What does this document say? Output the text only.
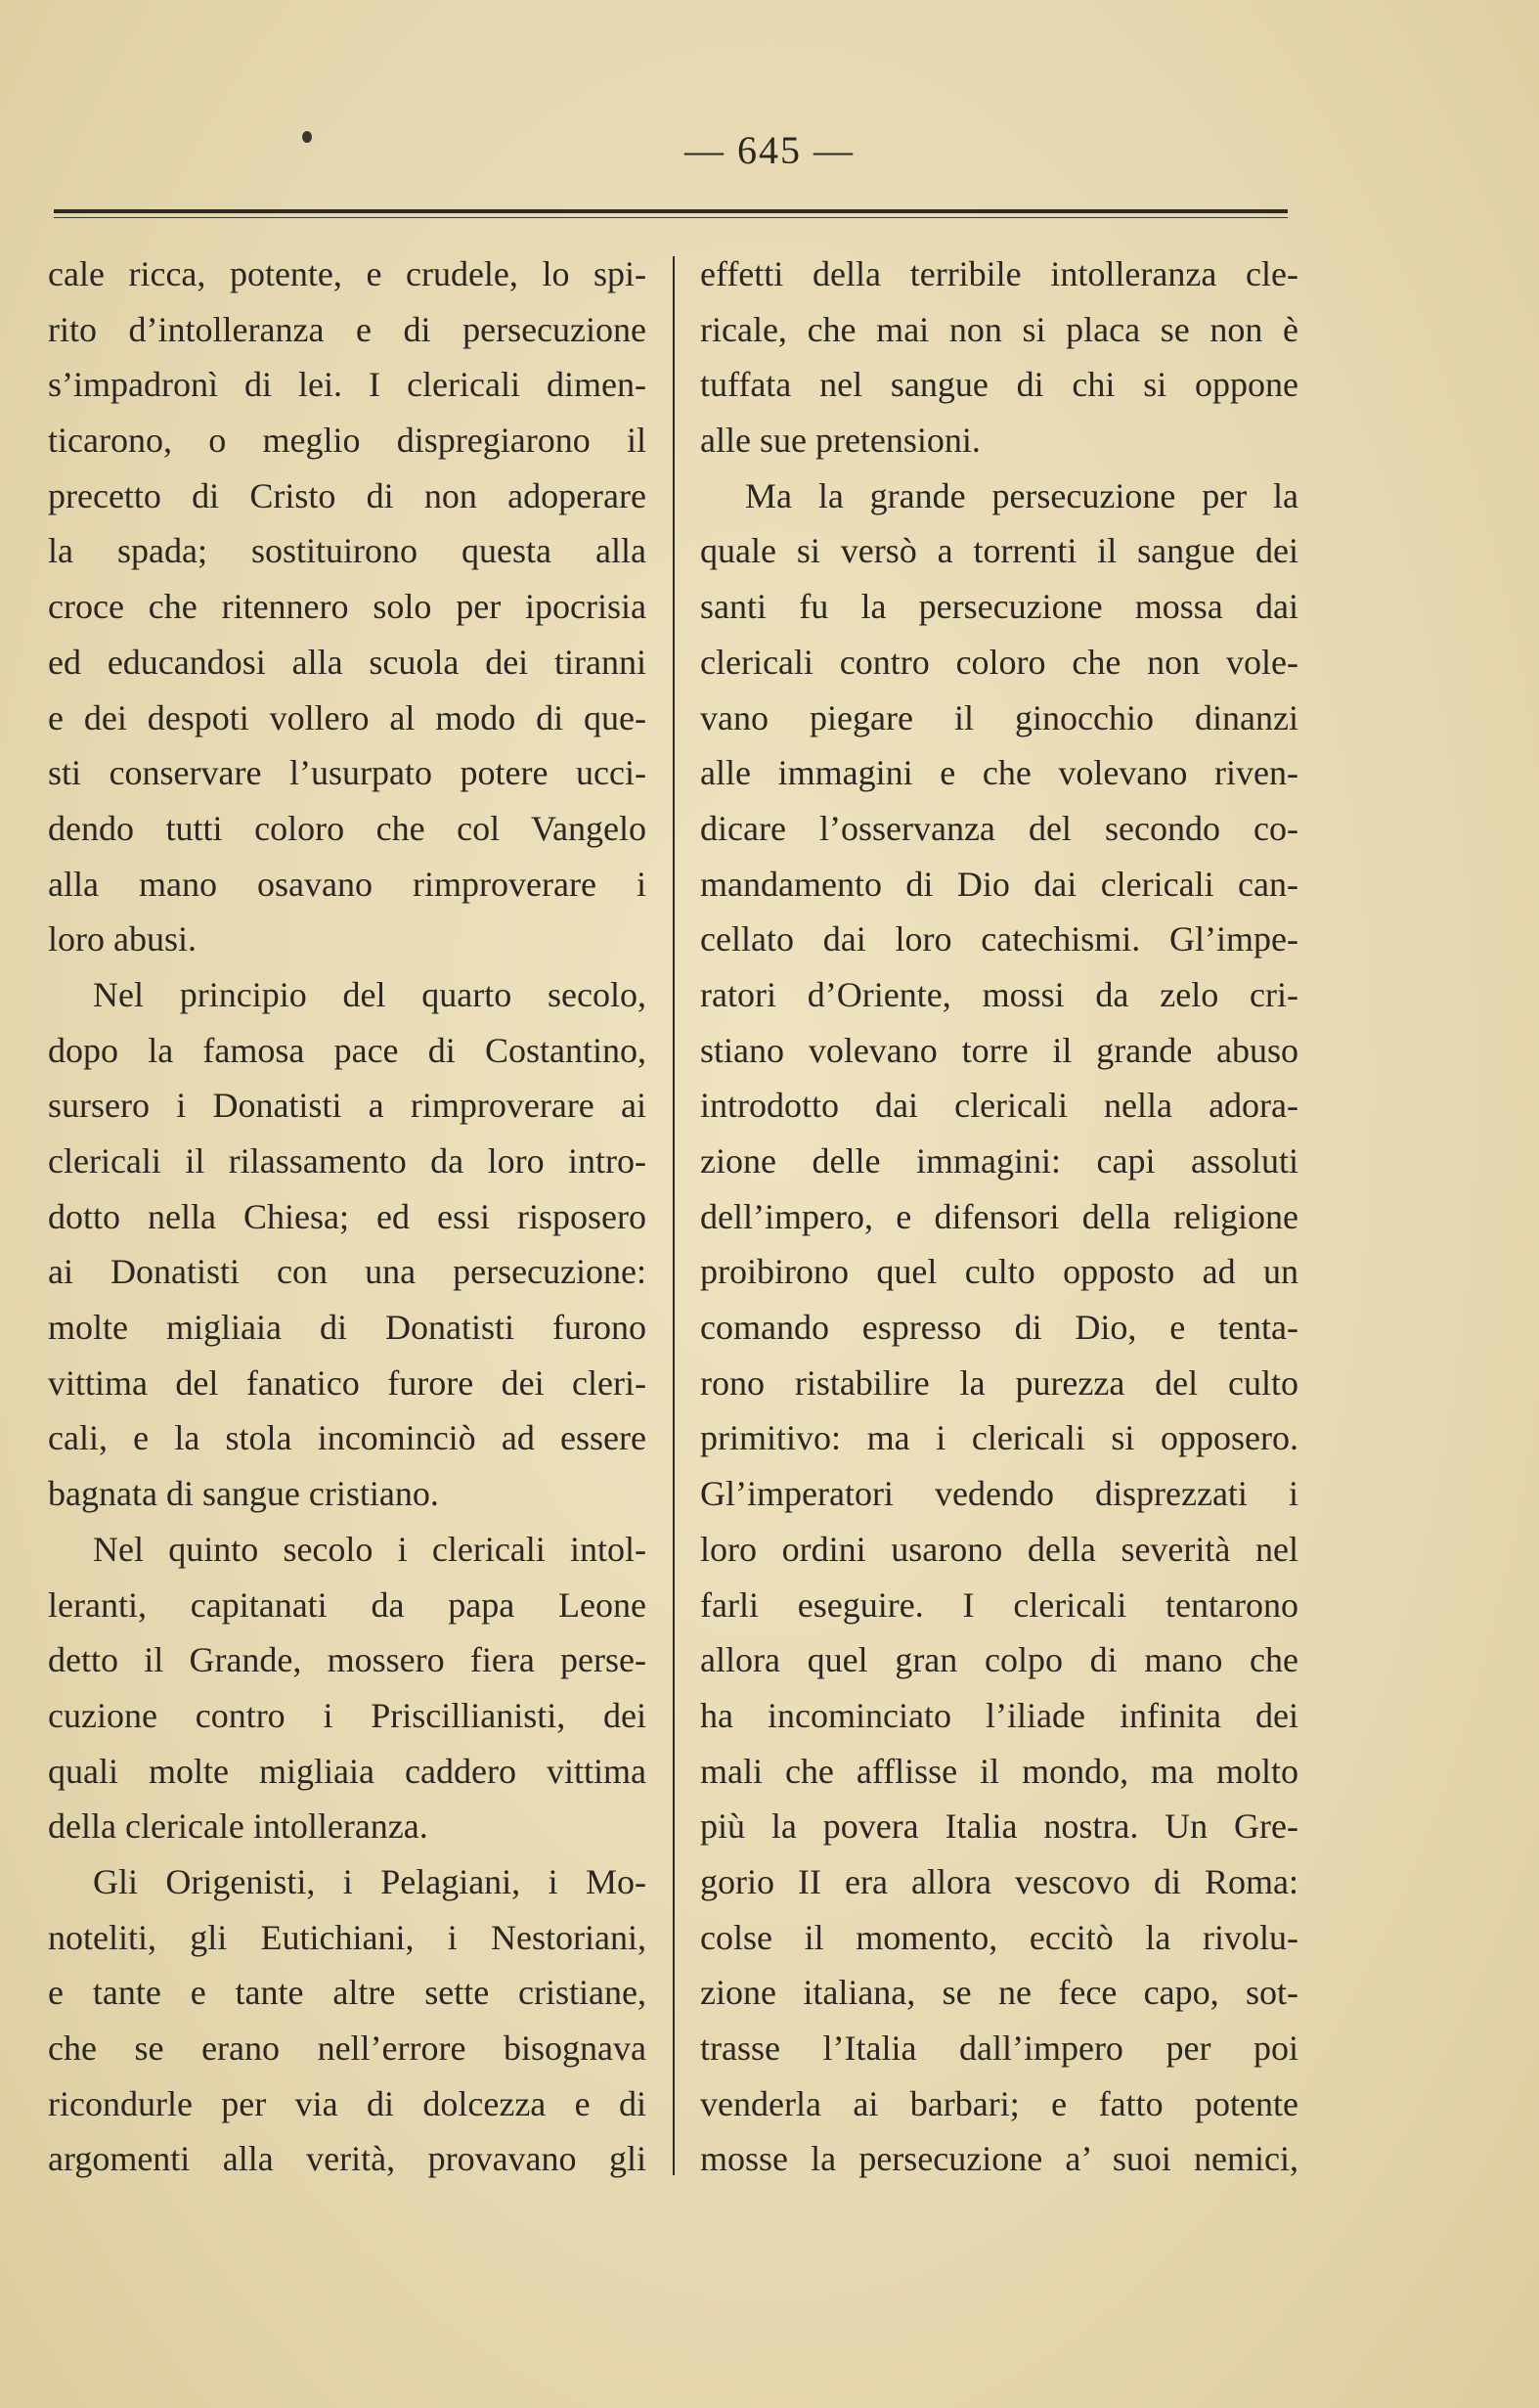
— 645 —
cale ricca, potente, e crudele, lo spi-
rito d’intolleranza e di persecuzione
s’impadronì di lei. I clericali dimen-
ticarono, o meglio dispregiarono il
precetto di Cristo di non adoperare
la spada; sostituirono questa alla
croce che ritennero solo per ipocrisia
ed educandosi alla scuola dei tiranni
e dei despoti vollero al modo di que-
sti conservare l’usurpato potere ucci-
dendo tutti coloro che col Vangelo
alla mano osavano rimproverare i
loro abusi.
Nel principio del quarto secolo,
dopo la famosa pace di Costantino,
sursero i Donatisti a rimproverare ai
clericali il rilassamento da loro intro-
dotto nella Chiesa; ed essi risposero
ai Donatisti con una persecuzione:
molte migliaia di Donatisti furono
vittima del fanatico furore dei cleri-
cali, e la stola incominciò ad essere
bagnata di sangue cristiano.
Nel quinto secolo i clericali intol-
leranti, capitanati da papa Leone
detto il Grande, mossero fiera perse-
cuzione contro i Priscillianisti, dei
quali molte migliaia caddero vittima
della clericale intolleranza.
Gli Origenisti, i Pelagiani, i Mo-
noteliti, gli Eutichiani, i Nestoriani,
e tante e tante altre sette cristiane,
che se erano nell’errore bisognava
ricondurle per via di dolcezza e di
argomenti alla verità, provavano gli
effetti della terribile intolleranza cle-
ricale, che mai non si placa se non è
tuffata nel sangue di chi si oppone
alle sue pretensioni.
Ma la grande persecuzione per la
quale si versò a torrenti il sangue dei
santi fu la persecuzione mossa dai
clericali contro coloro che non vole-
vano piegare il ginocchio dinanzi
alle immagini e che volevano riven-
dicare l’osservanza del secondo co-
mandamento di Dio dai clericali can-
cellato dai loro catechismi. Gl’impe-
ratori d’Oriente, mossi da zelo cri-
stiano volevano torre il grande abuso
introdotto dai clericali nella adora-
zione delle immagini: capi assoluti
dell’impero, e difensori della religione
proibirono quel culto opposto ad un
comando espresso di Dio, e tenta-
rono ristabilire la purezza del culto
primitivo: ma i clericali si opposero.
Gl’imperatori vedendo disprezzati i
loro ordini usarono della severità nel
farli eseguire. I clericali tentarono
allora quel gran colpo di mano che
ha incominciato l’iliade infinita dei
mali che afflisse il mondo, ma molto
più la povera Italia nostra. Un Gre-
gorio II era allora vescovo di Roma:
colse il momento, eccitò la rivolu-
zione italiana, se ne fece capo, sot-
trasse l’Italia dall’impero per poi
venderla ai barbari; e fatto potente
mosse la persecuzione a’ suoi nemici,
